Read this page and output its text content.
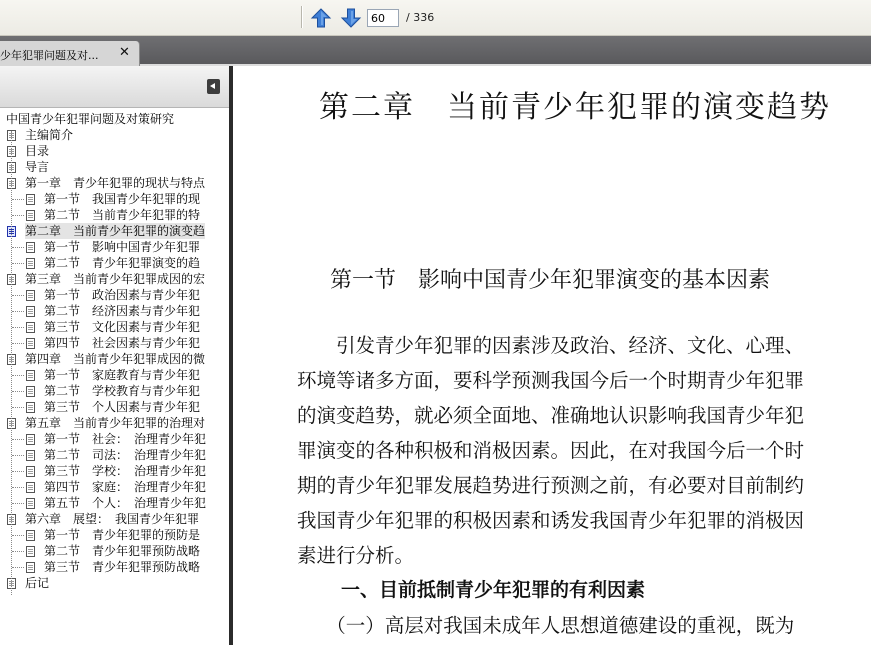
60
/ 336
少年犯罪问题及对... ✕
中国青少年犯罪问题及对策研究
主编简介
目录
导言
第一章　青少年犯罪的现状与特点
第一节　我国青少年犯罪的现
第二节　当前青少年犯罪的特
第二章　当前青少年犯罪的演变趋
第一节　影响中国青少年犯罪
第二节　青少年犯罪演变的趋
第三章　当前青少年犯罪成因的宏
第一节　政治因素与青少年犯
第二节　经济因素与青少年犯
第三节　文化因素与青少年犯
第四节　社会因素与青少年犯
第四章　当前青少年犯罪成因的微
第一节　家庭教育与青少年犯
第二节　学校教育与青少年犯
第三节　个人因素与青少年犯
第五章　当前青少年犯罪的治理对
第一节　社会：　治理青少年犯
第二节　司法：　治理青少年犯
第三节　学校：　治理青少年犯
第四节　家庭：　治理青少年犯
第五节　个人：　治理青少年犯
第六章　展望：　我国青少年犯罪
第一节　青少年犯罪的预防是
第二节　青少年犯罪预防战略
第三节　青少年犯罪预防战略
后记
第二章　当前青少年犯罪的演变趋势
第一节　影响中国青少年犯罪演变的基本因素
　　引发青少年犯罪的因素涉及政治、经济、文化、心理、
环境等诸多方面，要科学预测我国今后一个时期青少年犯罪
的演变趋势，就必须全面地、准确地认识影响我国青少年犯
罪演变的各种积极和消极因素。因此，在对我国今后一个时
期的青少年犯罪发展趋势进行预测之前，有必要对目前制约
我国青少年犯罪的积极因素和诱发我国青少年犯罪的消极因
素进行分析。
一、目前抵制青少年犯罪的有利因素
　　（一）高层对我国未成年人思想道德建设的重视，既为
